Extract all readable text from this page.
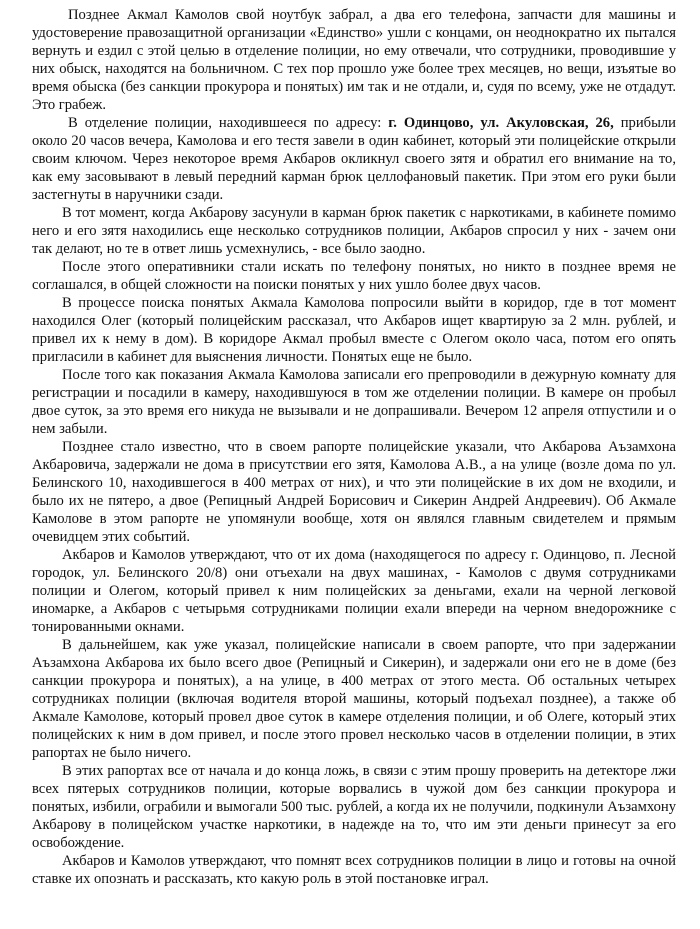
Позднее Акмал Камолов свой ноутбук забрал, а два его телефона, запчасти для машины и удостоверение правозащитной организации «Единство» ушли с концами, он неоднократно их пытался вернуть и ездил с этой целью в отделение полиции, но ему отвечали, что сотрудники, проводившие у них обыск, находятся на больничном. С тех пор прошло уже более трех месяцев, но вещи, изъятые во время обыска (без санкции прокурора и понятых) им так и не отдали, и, судя по всему, уже не отдадут. Это грабеж.

В отделение полиции, находившееся по адресу: г. Одинцово, ул. Акуловская, 26, прибыли около 20 часов вечера, Камолова и его тестя завели в один кабинет, который эти полицейские открыли своим ключом. Через некоторое время Акбаров окликнул своего зятя и обратил его внимание на то, как ему засовывают в левый передний карман брюк целлофановый пакетик. При этом его руки были застегнуты в наручники сзади.

В тот момент, когда Акбарову засунули в карман брюк пакетик с наркотиками, в кабинете помимо него и его зятя находились еще несколько сотрудников полиции, Акбаров спросил у них - зачем они так делают, но те в ответ лишь усмехнулись, - все было заодно.

После этого оперативники стали искать по телефону понятых, но никто в позднее время не соглашался, в общей сложности на поиски понятых у них ушло более двух часов.

В процессе поиска понятых Акмала Камолова попросили выйти в коридор, где в тот момент находился Олег (который полицейским рассказал, что Акбаров ищет квартирую за 2 млн. рублей, и привел их к нему в дом). В коридоре Акмал пробыл вместе с Олегом около часа, потом его опять пригласили в кабинет для выяснения личности. Понятых еще не было.

После того как показания Акмала Камолова записали его препроводили в дежурную комнату для регистрации и посадили в камеру, находившуюся в том же отделении полиции. В камере он пробыл двое суток, за это время его никуда не вызывали и не допрашивали. Вечером 12 апреля отпустили и о нем забыли.

Позднее стало известно, что в своем рапорте полицейские указали, что Акбарова Аъзамхона Акбаровича, задержали не дома в присутствии его зятя, Камолова А.В., а на улице (возле дома по ул. Белинского 10, находившегося в 400 метрах от них), и что эти полицейские в их дом не входили, и было их не пятеро, а двое (Репицный Андрей Борисович и Сикерин Андрей Андреевич). Об Акмале Камолове в этом рапорте не упомянули вообще, хотя он являлся главным свидетелем и прямым очевидцем этих событий.

Акбаров и Камолов утверждают, что от их дома (находящегося по адресу г. Одинцово, п. Лесной городок, ул. Белинского 20/8) они отъехали на двух машинах, - Камолов с двумя сотрудниками полиции и Олегом, который привел к ним полицейских за деньгами, ехали на черной легковой иномарке, а Акбаров с четырьмя сотрудниками полиции ехали впереди на черном внедорожнике с тонированными окнами.

В дальнейшем, как уже указал, полицейские написали в своем рапорте, что при задержании Аъзамхона Акбарова их было всего двое (Репицный и Сикерин), и задержали они его не в доме (без санкции прокурора и понятых), а на улице, в 400 метрах от этого места. Об остальных четырех сотрудниках полиции (включая водителя второй машины, который подъехал позднее), а также об Акмале Камолове, который провел двое суток в камере отделения полиции, и об Олеге, который этих полицейских к ним в дом привел, и после этого провел несколько часов в отделении полиции, в этих рапортах не было ничего.

В этих рапортах все от начала и до конца ложь, в связи с этим прошу проверить на детекторе лжи всех пятерых сотрудников полиции, которые ворвались в чужой дом без санкции прокурора и понятых, избили, ограбили и вымогали 500 тыс. рублей, а когда их не получили, подкинули Аъзамхону Акбарову в полицейском участке наркотики, в надежде на то, что им эти деньги принесут за его освобождение.

Акбаров и Камолов утверждают, что помнят всех сотрудников полиции в лицо и готовы на очной ставке их опознать и рассказать, кто какую роль в этой постановке играл.
